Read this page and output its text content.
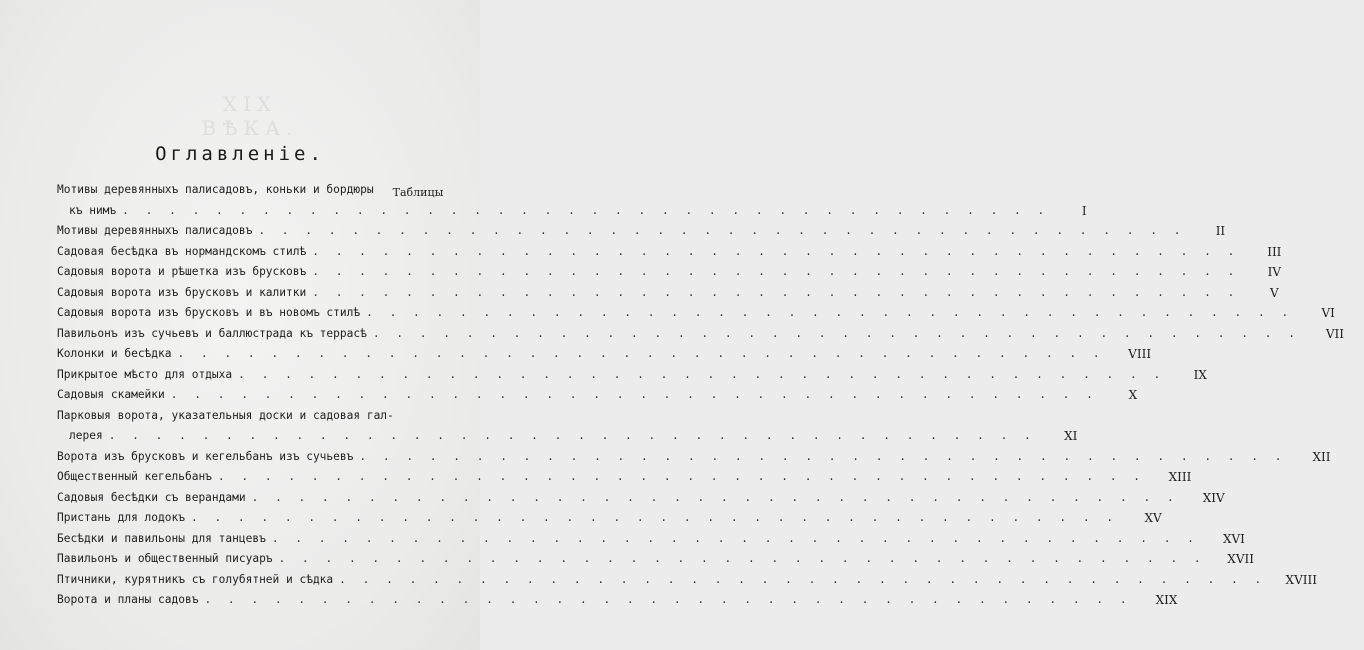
XIX ВѢКА.
Оглавленіе.
Таблицы
Мотивы деревянныхъ палисадовъ, коньки и бордюры
къ нимъ . . . . . . . . . . . . . . . . . . . . . . . . . . . . . . . . . . . . . . . .	I
Мотивы деревянныхъ палисадовъ . . . . . . . . . . . . . . . . . . . . . . . . . . . . . . . . . . . . . . . .	II
Садовая бесѣдка въ нормандскомъ стилѣ . . . . . . . . . . . . . . . . . . . . . . . . . . . . . . . . . . . . . . . .	III
Садовыя ворота и рѣшетка изъ брусковъ . . . . . . . . . . . . . . . . . . . . . . . . . . . . . . . . . . . . . . . .	IV
Садовыя ворота изъ брусковъ и калитки . . . . . . . . . . . . . . . . . . . . . . . . . . . . . . . . . . . . . . . .	V
Садовыя ворота изъ брусковъ и въ новомъ стилѣ . . . . . . . . . . . . . . . . . . . . . . . . . . . . . . . . . . . . . . . .	VI
Павильонъ изъ сучьевъ и баллюстрада къ террасѣ . . . . . . . . . . . . . . . . . . . . . . . . . . . . . . . . . . . . . . . .	VII
Колонки и бесѣдка . . . . . . . . . . . . . . . . . . . . . . . . . . . . . . . . . . . . . . . .	VIII
Прикрытое мѣсто для отдыха . . . . . . . . . . . . . . . . . . . . . . . . . . . . . . . . . . . . . . . .	IX
Садовыя скамейки . . . . . . . . . . . . . . . . . . . . . . . . . . . . . . . . . . . . . . . .	X
Парковыя ворота, указательныя доски и садовая гал-
лерея . . . . . . . . . . . . . . . . . . . . . . . . . . . . . . . . . . . . . . . .	XI
Ворота изъ брусковъ и кегельбанъ изъ сучьевъ . . . . . . . . . . . . . . . . . . . . . . . . . . . . . . . . . . . . . . . .	XII
Общественный кегельбанъ . . . . . . . . . . . . . . . . . . . . . . . . . . . . . . . . . . . . . . . .	XIII
Садовыя бесѣдки съ верандами . . . . . . . . . . . . . . . . . . . . . . . . . . . . . . . . . . . . . . . .	XIV
Пристань для лодокъ . . . . . . . . . . . . . . . . . . . . . . . . . . . . . . . . . . . . . . . .	XV
Бесѣдки и павильоны для танцевъ . . . . . . . . . . . . . . . . . . . . . . . . . . . . . . . . . . . . . . . .	XVI
Павильонъ и общественный писуаръ . . . . . . . . . . . . . . . . . . . . . . . . . . . . . . . . . . . . . . . .	XVII
Птичники, курятникъ съ голубятней и сѣдка . . . . . . . . . . . . . . . . . . . . . . . . . . . . . . . . . . . . . . . .	XVIII
Ворота и планы садовъ . . . . . . . . . . . . . . . . . . . . . . . . . . . . . . . . . . . . . . . .	XIX
